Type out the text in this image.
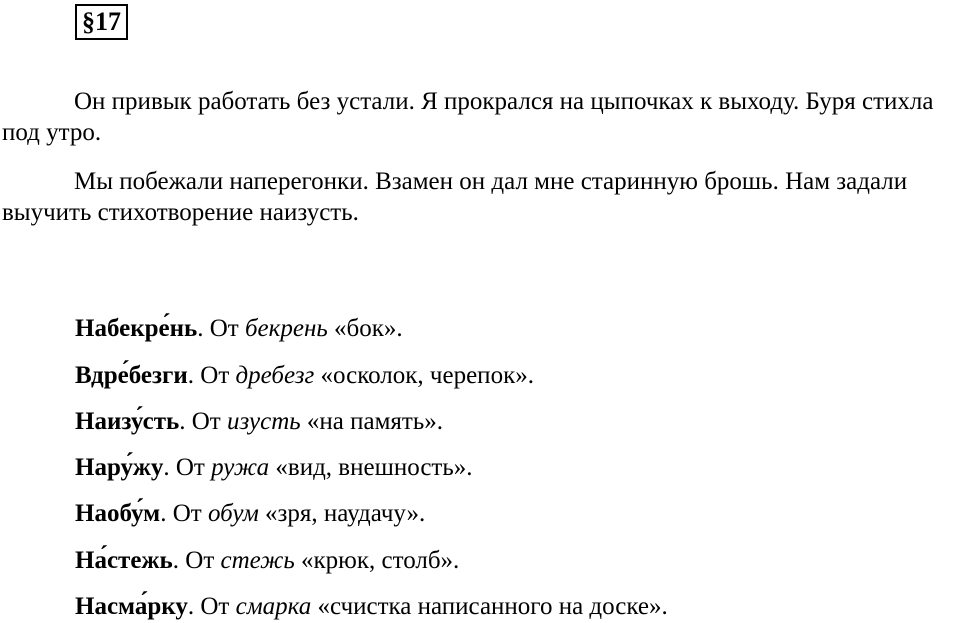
§17

Он привык работать без устали. Я прокрался на цыпочках к выходу. Буря стихла под утро.

Мы побежали наперегонки. Взамен он дал мне старинную брошь. Нам задали выучить стихотворение наизусть.

Набекре́нь. От бекрень «бок».

Вдре́безги. От дребезг «осколок, черепок».

Наизу́сть. От изусть «на память».

Нару́жу. От ружа «вид, внешность».

Наобу́м. От обум «зря, наудачу».

На́стежь. От стежь «крюк, столб».

Насма́рку. От смарка «счистка написанного на доске».
